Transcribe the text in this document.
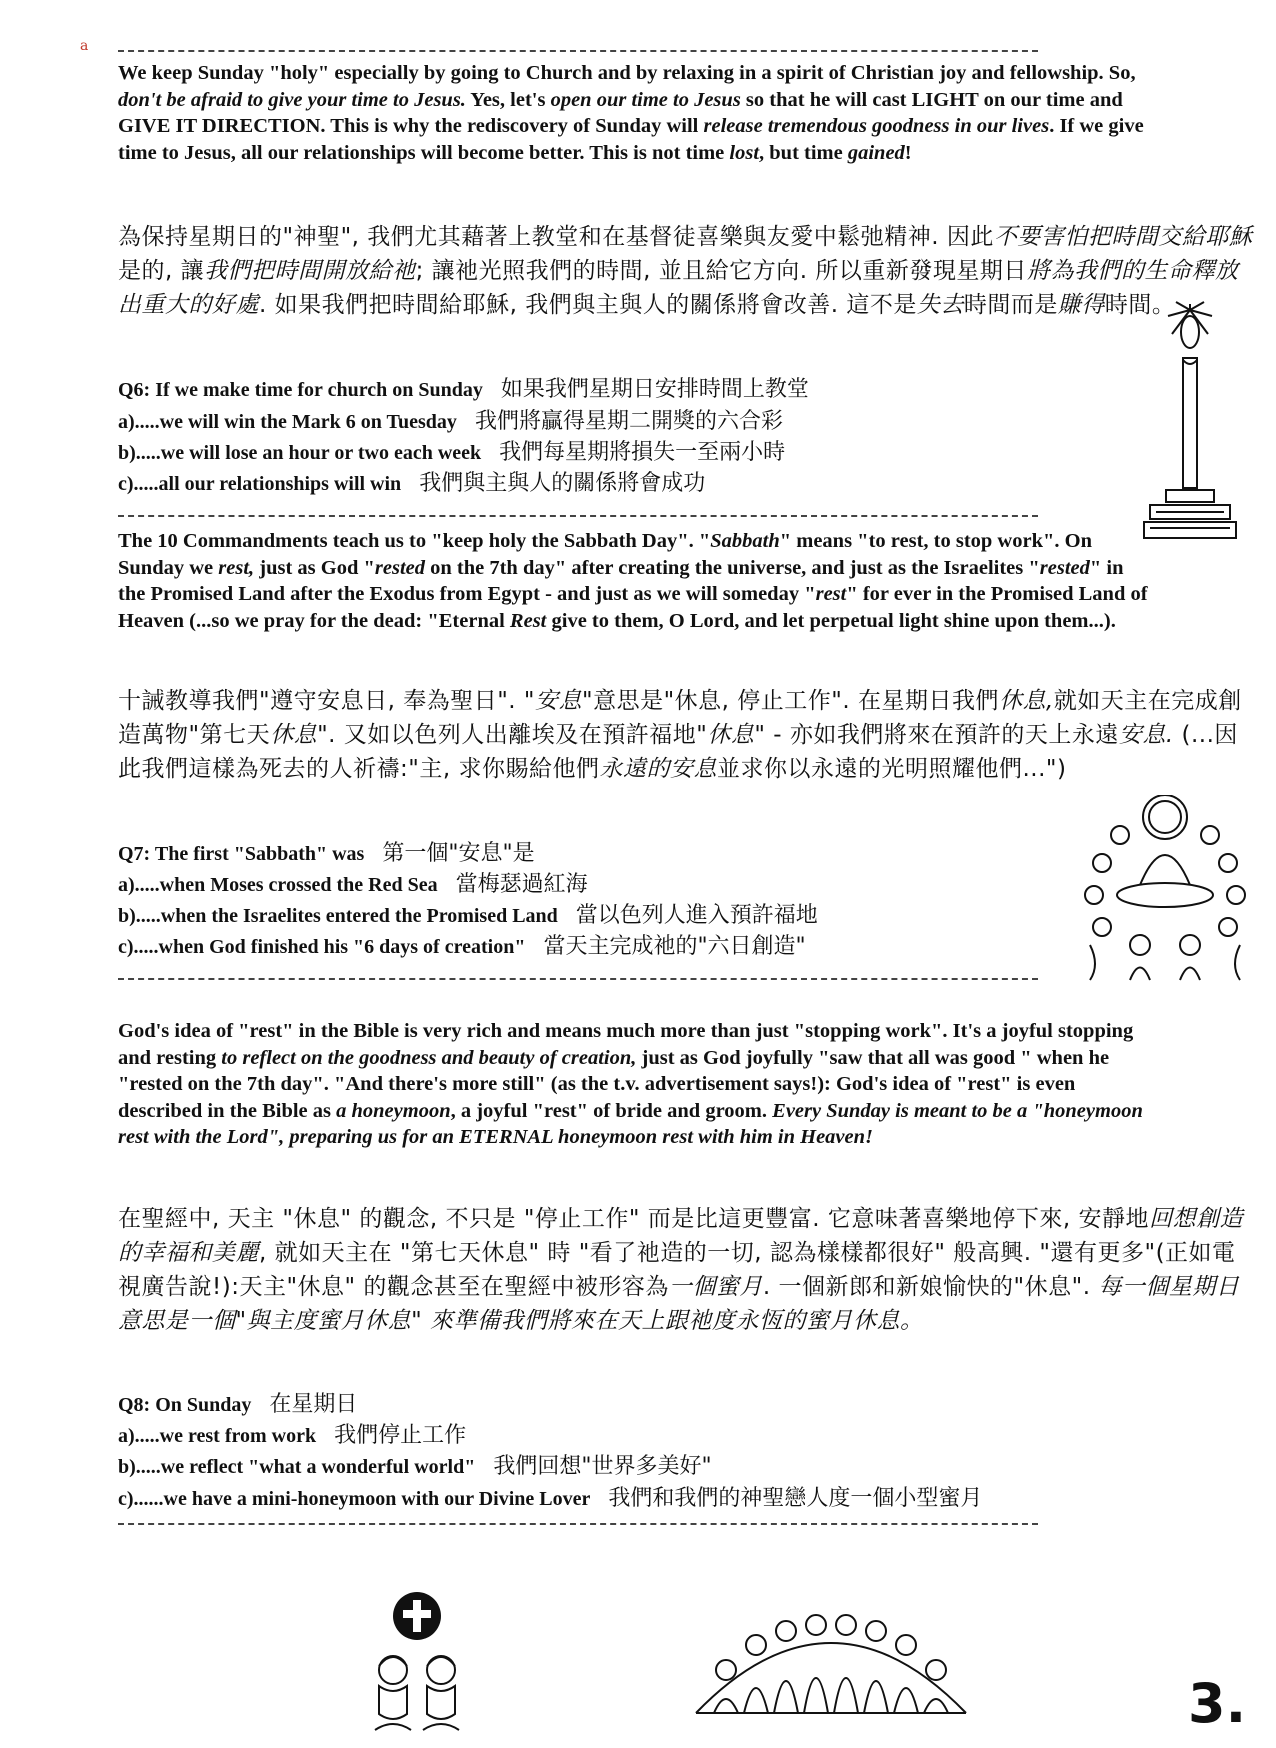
a

We keep Sunday "holy" especially by going to Church and by relaxing in a spirit of Christian joy and fellowship. So, don't be afraid to give your time to Jesus. Yes, let's open our time to Jesus so that he will cast LIGHT on our time and GIVE IT DIRECTION. This is why the rediscovery of Sunday will release tremendous goodness in our lives. If we give time to Jesus, all our relationships will become better. This is not time lost, but time gained!

為保持星期日的"神聖", 我們尤其藉著上教堂和在基督徒喜樂與友愛中鬆弛精神. 因此不要害怕把時間交給耶穌是的, 讓我們把時間開放給祂; 讓祂光照我們的時間, 並且給它方向. 所以重新發現星期日將為我們的生命釋放出重大的好處. 如果我們把時間給耶穌, 我們與主與人的關係將會改善. 這不是失去時間而是賺得時間。

Q6: If we make time for church on Sunday 如果我們星期日安排時間上教堂
a).....we will win the Mark 6 on Tuesday 我們將贏得星期二開獎的六合彩
b).....we will lose an hour or two each week 我們每星期將損失一至兩小時
c).....all our relationships will win 我們與主與人的關係將會成功

The 10 Commandments teach us to "keep holy the Sabbath Day". "Sabbath" means "to rest, to stop work". On Sunday we rest, just as God "rested on the 7th day" after creating the universe, and just as the Israelites "rested" in the Promised Land after the Exodus from Egypt - and just as we will someday "rest" for ever in the Promised Land of Heaven (...so we pray for the dead: "Eternal Rest give to them, O Lord, and let perpetual light shine upon them...).

十誡教導我們"遵守安息日, 奉為聖日". "安息"意思是"休息, 停止工作". 在星期日我們休息,就如天主在完成創造萬物"第七天休息". 又如以色列人出離埃及在預許福地"休息" - 亦如我們將來在預許的天上永遠安息. (...因此我們這樣為死去的人祈禱:"主, 求你賜給他們永遠的安息並求你以永遠的光明照耀他們...")

Q7: The first "Sabbath" was 第一個"安息"是
a).....when Moses crossed the Red Sea 當梅瑟過紅海
b).....when the Israelites entered the Promised Land 當以色列人進入預許福地
c).....when God finished his "6 days of creation" 當天主完成祂的"六日創造"

God's idea of "rest" in the Bible is very rich and means much more than just "stopping work". It's a joyful stopping and resting to reflect on the goodness and beauty of creation, just as God joyfully "saw that all was good " when he "rested on the 7th day". "And there's more still" (as the t.v. advertisement says!): God's idea of "rest" is even described in the Bible as a honeymoon, a joyful "rest" of bride and groom. Every Sunday is meant to be a "honeymoon rest with the Lord", preparing us for an ETERNAL honeymoon rest with him in Heaven!

在聖經中, 天主 "休息" 的觀念, 不只是 "停止工作" 而是比這更豐富. 它意味著喜樂地停下來, 安靜地回想創造的幸福和美麗, 就如天主在 "第七天休息" 時 "看了祂造的一切, 認為樣樣都很好" 般高興. "還有更多"(正如電視廣告說!):天主"休息" 的觀念甚至在聖經中被形容為一個蜜月. 一個新郎和新娘愉快的"休息". 每一個星期日意思是一個"與主度蜜月休息" 來準備我們將來在天上跟祂度永恆的蜜月休息。

Q8: On Sunday 在星期日
a).....we rest from work 我們停止工作
b).....we reflect "what a wonderful world" 我們回想"世界多美好"
c)......we have a mini-honeymoon with our Divine Lover 我們和我們的神聖戀人度一個小型蜜月
3.
